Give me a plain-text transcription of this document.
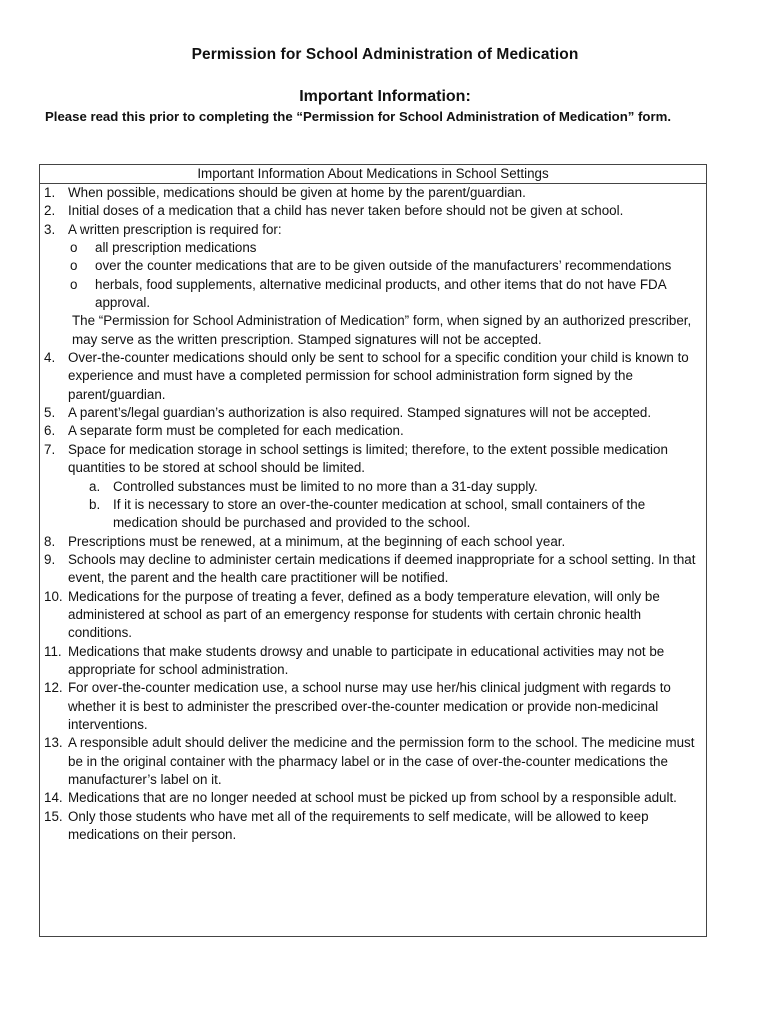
Permission for School Administration of Medication
Important Information:
Please read this prior to completing the “Permission for School Administration of Medication” form.
Important Information About Medications in School Settings
1. When possible, medications should be given at home by the parent/guardian.
2. Initial doses of a medication that a child has never taken before should not be given at school.
3. A written prescription is required for:
o all prescription medications
o over the counter medications that are to be given outside of the manufacturers’ recommendations
o herbals, food supplements, alternative medicinal products, and other items that do not have FDA approval.
The “Permission for School Administration of Medication” form, when signed by an authorized prescriber, may serve as the written prescription. Stamped signatures will not be accepted.
4. Over-the-counter medications should only be sent to school for a specific condition your child is known to experience and must have a completed permission for school administration form signed by the parent/guardian.
5. A parent’s/legal guardian’s authorization is also required. Stamped signatures will not be accepted.
6. A separate form must be completed for each medication.
7. Space for medication storage in school settings is limited; therefore, to the extent possible medication quantities to be stored at school should be limited.
a. Controlled substances must be limited to no more than a 31-day supply.
b. If it is necessary to store an over-the-counter medication at school, small containers of the medication should be purchased and provided to the school.
8. Prescriptions must be renewed, at a minimum, at the beginning of each school year.
9. Schools may decline to administer certain medications if deemed inappropriate for a school setting. In that event, the parent and the health care practitioner will be notified.
10. Medications for the purpose of treating a fever, defined as a body temperature elevation, will only be administered at school as part of an emergency response for students with certain chronic health conditions.
11. Medications that make students drowsy and unable to participate in educational activities may not be appropriate for school administration.
12. For over-the-counter medication use, a school nurse may use her/his clinical judgment with regards to whether it is best to administer the prescribed over-the-counter medication or provide non-medicinal interventions.
13. A responsible adult should deliver the medicine and the permission form to the school. The medicine must be in the original container with the pharmacy label or in the case of over-the-counter medications the manufacturer’s label on it.
14. Medications that are no longer needed at school must be picked up from school by a responsible adult.
15. Only those students who have met all of the requirements to self medicate, will be allowed to keep medications on their person.
